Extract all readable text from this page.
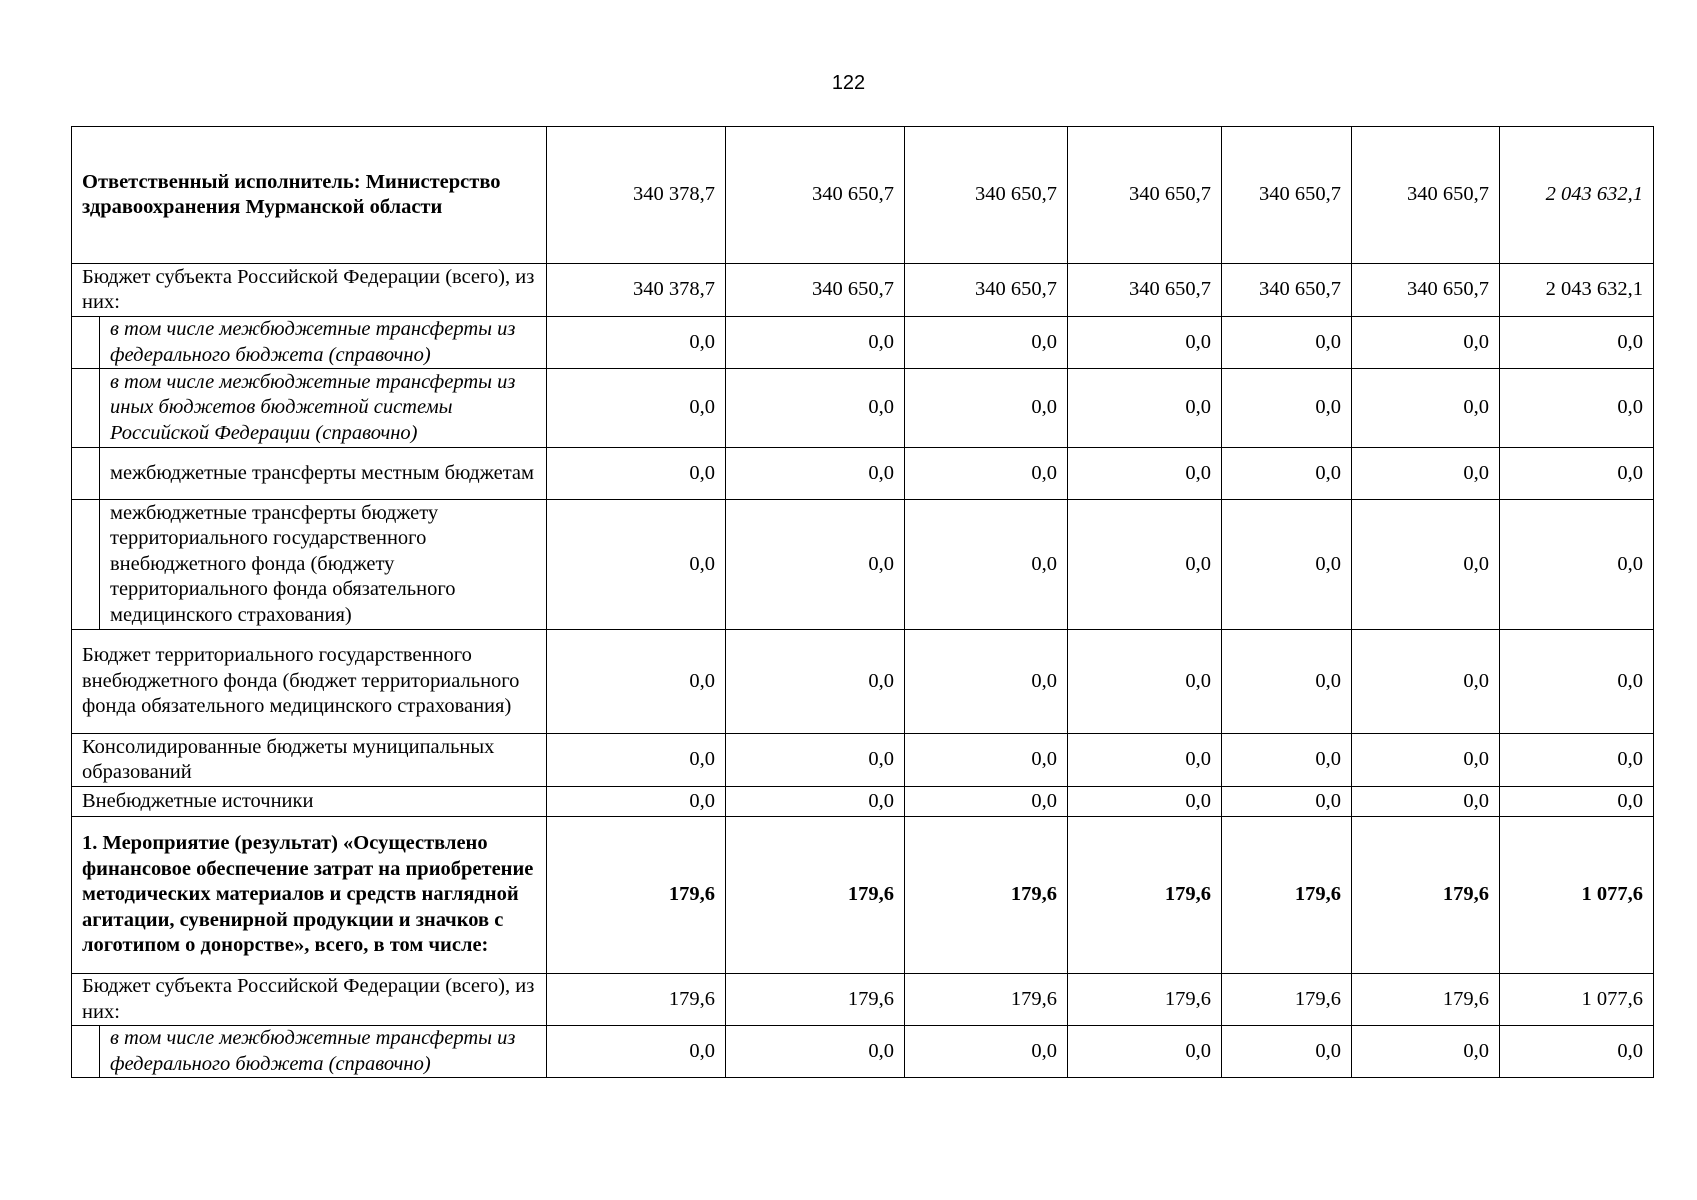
122
Ответственный исполнитель: Министерство здравоохранения Мурманской области		340 378,7	340 650,7	340 650,7	340 650,7	340 650,7	340 650,7	2 043 632,1
Бюджет субъекта Российской Федерации (всего), из них:		340 378,7	340 650,7	340 650,7	340 650,7	340 650,7	340 650,7	2 043 632,1
	в том числе межбюджетные трансферты из федерального бюджета (справочно)	0,0	0,0	0,0	0,0	0,0	0,0	0,0
	в том числе межбюджетные трансферты из иных бюджетов бюджетной системы Российской Федерации (справочно)	0,0	0,0	0,0	0,0	0,0	0,0	0,0
	межбюджетные трансферты местным бюджетам	0,0	0,0	0,0	0,0	0,0	0,0	0,0
	межбюджетные трансферты бюджету территориального государственного внебюджетного фонда (бюджету территориального фонда обязательного медицинского страхования)	0,0	0,0	0,0	0,0	0,0	0,0	0,0
Бюджет территориального государственного внебюджетного фонда (бюджет территориального фонда обязательного медицинского страхования)		0,0	0,0	0,0	0,0	0,0	0,0	0,0
Консолидированные бюджеты муниципальных образований		0,0	0,0	0,0	0,0	0,0	0,0	0,0
Внебюджетные источники		0,0	0,0	0,0	0,0	0,0	0,0	0,0
1. Мероприятие (результат) «Осуществлено финансовое обеспечение затрат на приобретение методических материалов и средств наглядной агитации, сувенирной продукции и значков с логотипом о донорстве», всего, в том числе:		179,6	179,6	179,6	179,6	179,6	179,6	1 077,6
Бюджет субъекта Российской Федерации (всего), из них:		179,6	179,6	179,6	179,6	179,6	179,6	1 077,6
	в том числе межбюджетные трансферты из федерального бюджета (справочно)	0,0	0,0	0,0	0,0	0,0	0,0	0,0
